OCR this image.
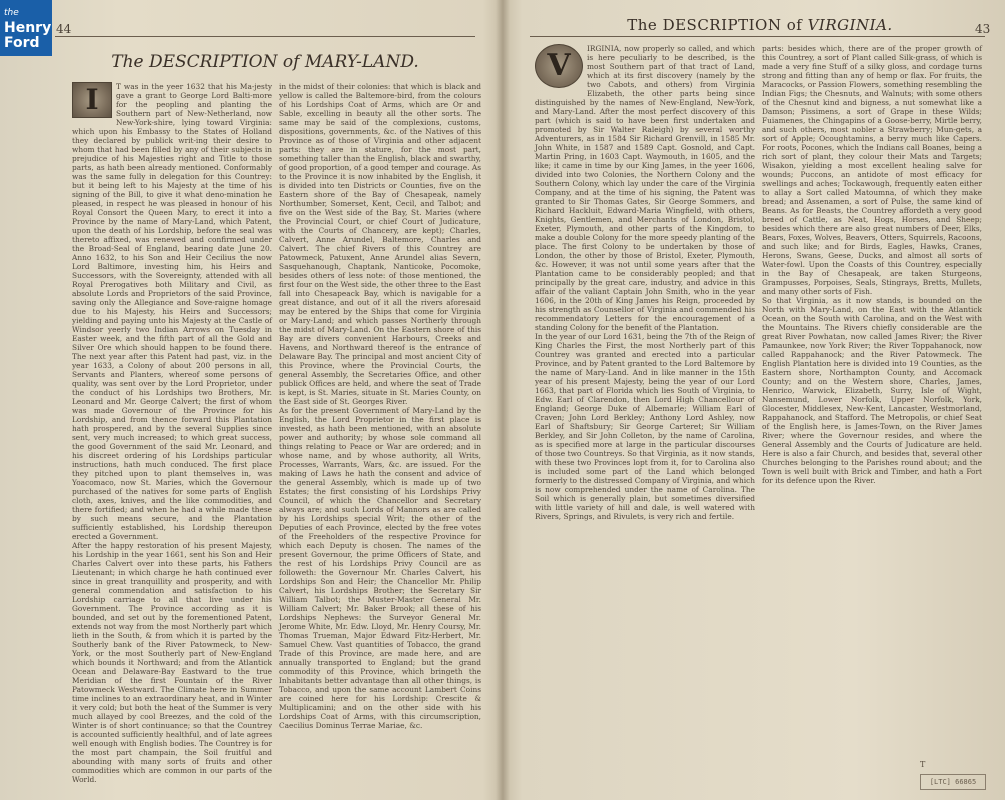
the
Henry
Ford
44
The DESCRIPTION of MARY-LAND.
I	T was in the yeer 1632 that his Ma-jesty gave a grant to George Lord Balti-more for the peopling and planting the Southern part of New-Netherland, now New-York-shire, lying toward Virginia: which upon his Embassy to the States of Holland they declared by publick writ-ing their desire to whom that had been filled by any of their subjects in prejudice of his Majesties right and Title to those parts, as hath been already mentioned. Conformably was the same fully in delegation for this Countrey: but it being left to his Majesty at the time of his signing of the Bill, to give it what deno-mination he pleased, in respect he was pleased in honour of his Royal Consort the Queen Mary, to erect it into a Province by the name of Mary-Land, which Patent, upon the death of his Lordship, before the seal was thereto affixed, was renewed and confirmed under the Broad-Seal of England, bearing date June 20. Anno 1632, to his Son and Heir Cecilius the now Lord Baltimore, investing him, his Heirs and Successors, with the Sovereignty, attended with all Royal Prerogatives both Military and Civil, as absolute Lords and Proprietors of the said Province, saving only the Allegiance and Sove-raigne homage due to his Majesty, his Heirs and Successors; yielding and paying unto his Majesty at the Castle of Windsor yeerly two Indian Arrows on Tuesday in Easter week, and the fifth part of all the Gold and Silver Ore which should happen to be found there. The next year after this Patent had past, viz. in the year 1633, a Colony of about 200 persons in all, Servants and Planters, whereof some persons of quality, was sent over by the Lord Proprietor, under the conduct of his Lordships two Brothers, Mr. Leonard and Mr. George Calvert; the first of whom was made Governour of the Province for his Lordship, and from thence forward this Plantation hath prospered, and by the several Supplies since sent, very much increased; to which great success, the good Government of the said Mr. Leonard, and his discreet ordering of his Lordships particular instructions, hath much conduced. The first place they pitched upon to plant themselves in, was Yoacomaco, now St. Maries, which the Governour purchased of the natives for some parts of English cloth, axes, knives, and the like commodities, and there fortified; and when he had a while made these by such means secure, and the Plantation sufficiently established, his Lordship thereupon erected a Government.
After the happy restoration of his present Majesty, his Lordship in the year 1661, sent his Son and Heir Charles Calvert over into these parts, his Fathers Lieutenant; in which charge he hath continued ever since in great tranquillity and prosperity, and with general commendation and satisfaction to his Lordship carriage to all that live under his Government. The Province according as it is bounded, and set out by the forementioned Patent, extends not way from the most Northerly part which lieth in the South, & from which it is parted by the Southerly bank of the River Patowmeck, to New-York, or the most Southerly part of New-England which bounds it Northward; and from the Atlantick Ocean and Delaware-Bay Eastward to the true Meridian of the first Fountain of the River Patowmeck Westward. The Climate here in Summer time inclines to an extraordinary heat, and in Winter it very cold; but both the heat of the Summer is very much allayed by cool Breezes, and the cold of the Winter is of short continuance; so that the Countrey is accounted sufficiently healthful, and of late agrees well enough with English bodies. The Countrey is for the most part champain, the Soil fruitful and abounding with many sorts of fruits and other commodities which are common in our parts of the World.
in the midst of their colonies: that which is black and yellow is called the Baltemore-bird, from the colours of his Lordships Coat of Arms, which are Or and Sable, excelling in beauty all the other sorts. The same may be said of the complexions, customs, dispositions, governments, &c. of the Natives of this Province as of those of Virginia and other adjacent parts: they are in stature, for the most part, something taller than the English, black and swarthy, of good proportion, of a good temper and courage. As to the Province it is now inhabited by the English, it is divided into ten Districts or Counties, five on the Eastern shore of the Bay of Chesapeak, namely Northumber, Somerset, Kent, Cecil, and Talbot; and five on the West side of the Bay, St. Maries (where the Provincial Court, or chief Court of Judicature, with the Courts of Chancery, are kept); Charles, Calvert, Anne Arundel, Baltemore, Charles and Calvert. The chief Rivers of this Countrey are Patowmeck, Patuxent, Anne Arundel alias Severn, Sasquehanough, Chaptank, Nanticoke, Pocomoke, besides others of less note: of those mentioned, the first four on the West side, the other three to the East fall into Chesapeack Bay, which is navigable for a great distance, and out of it all the rivers aforesaid may be entered by the Ships that come for Virginia or Mary-Land; and which passes Northerly through the midst of Mary-Land. On the Eastern shore of this Bay are divers convenient Harbours, Creeks and Havens, and Northward thereof is the entrance of Delaware Bay. The principal and most ancient City of this Province, where the Provincial Courts, the general Assembly, the Secretaries Office, and other publick Offices are held, and where the seat of Trade is kept, is St. Maries, situate in St. Maries County, on the East side of St. Georges River.
As for the present Government of Mary-Land by the English, the Lord Proprietor in the first place is invested, as hath been mentioned, with an absolute power and authority; by whose sole command all things relating to Peace or War are ordered; and in whose name, and by whose authority, all Writs, Processes, Warrants, Wars, &c. are issued. For the making of Laws he hath the consent and advice of the general Assembly, which is made up of two Estates; the first consisting of his Lordships Privy Council, of which the Chancellor and Secretary always are; and such Lords of Mannors as are called by his Lordships special Writ; the other of the Deputies of each Province, elected by the free votes of the Freeholders of the respective Province for which each Deputy is chosen. The names of the present Governour, the prime Officers of State, and the rest of his Lordships Privy Council are as followeth: the Governour Mr. Charles Calvert, his Lordships Son and Heir; the Chancellor Mr. Philip Calvert, his Lordships Brother; the Secretary Sir William Talbot; the Muster-Master General Mr. William Calvert; Mr. Baker Brook; all these of his Lordships Nephews: the Surveyor General Mr. Jerome White, Mr. Edw. Lloyd, Mr. Henry Coursy, Mr. Thomas Trueman, Major Edward Fitz-Herbert, Mr. Samuel Chew. Vast quantities of Tobacco, the grand Trade of this Province, are made here, and are annually transported to England; but the grand commodity of this Province, which bringeth the Inhabitants better advantage than all other things, is Tobacco, and upon the same account Lambert Coins are coined here for his Lordship: Crescite & Multiplicamini; and on the other side with his Lordships Coat of Arms, with this circumscription, Caecilius Dominus Terrae Mariae, &c.
The DESCRIPTION of VIRGINIA.	43
V	IRGINIA, now properly so called, and which is here peculiarly to be described, is the most Southern part of that tract of Land, which at its first discovery (namely by the two Cabots, and others) from Virginia Elizabeth, the other parts being since distinguished by the names of New-England, New-York, and Mary-Land. After the most perfect discovery of this part (which is said to have been first undertaken and promoted by Sir Walter Raleigh) by several worthy Adventurers, as in 1584 Sir Richard Grenvill, in 1585 Mr. John White, in 1587 and 1589 Capt. Gosnold, and Capt. Martin Pring, in 1603 Capt. Waymouth, in 1605, and the like; it came in time by our King James, in the yeer 1606, divided into two Colonies, the Northern Colony and the Southern Colony, which lay under the care of the Virginia Company, and at the time of his signing, the Patent was granted to Sir Thomas Gates, Sir George Sommers, and Richard Hackluit, Edward-Maria Wingfield, with others, Knights, Gentlemen, and Merchants of London, Bristol, Exeter, Plymouth, and other parts of the Kingdom, to make a double Colony for the more speedy planting of the place. The first Colony to be undertaken by those of London, the other by those of Bristol, Exeter, Plymouth, &c. However, it was not until some years after that the Plantation came to be considerably peopled; and that principally by the great care, industry, and advice in this affair of the valiant Captain John Smith, who in the year 1606, in the 20th of King James his Reign, proceeded by his strength as Counsellor of Virginia and commended his recommendatory Letters for the encouragement of a standing Colony for the benefit of the Plantation.
In the year of our Lord 1631, being the 7th of the Reign of King Charles the First, the most Northerly part of this Countrey was granted and erected into a particular Province, and by Patent granted to the Lord Baltemore by the name of Mary-Land. And in like manner in the 15th year of his present Majesty, being the year of our Lord 1663, that part of Florida which lies South of Virginia, to Edw. Earl of Clarendon, then Lord High Chancellour of England; George Duke of Albemarle; William Earl of Craven; John Lord Berkley; Anthony Lord Ashley, now Earl of Shaftsbury; Sir George Carteret; Sir William Berkley, and Sir John Colleton, by the name of Carolina, as is specified more at large in the particular discourses of those two Countreys. So that Virginia, as it now stands, with these two Provinces lopt from it, for to Carolina also is included some part of the Land which belonged formerly to the distressed Company of Virginia, and which is now comprehended under the name of Carolina. The Soil which is generally plain, but sometimes diversified with little variety of hill and dale, is well watered with Rivers, Springs, and Rivulets, is very rich and fertile.
parts: besides which, there are of the proper growth of this Countrey, a sort of Plant called Silk-grass, of which is made a very fine Stuff of a silky gloss, and cordage turns strong and fitting than any of hemp or flax. For fruits, the Maracocks, or Passion Flowers, something resembling the Indian Figs; the Chesnuts, and Walnuts; with some others of the Chesnut kind and bigness, a nut somewhat like a Damson; Pissimens, a sort of Grape in these Wilds; Fuiamenes, the Chingapins of a Goose-berry, Mirtle berry, and such others, most nobler a Strawberry; Mun-gets, a sort of Apple; Ocoughtamins, a berry much like Capers. For roots, Pocones, which the Indians call Boanes, being a rich sort of plant, they colour their Mats and Targets; Wisakon, yielding a most excellent healing salve for wounds; Puccons, an antidote of most efficacy for swellings and aches; Tockawough, frequently eaten either to allay a Sort called Matoumna, of which they make bread; and Assenamen, a sort of Pulse, the same kind of Beans. As for Beasts, the Countrey affordeth a very good breed of Cattle, as Neat, Hogs, Horses, and Sheep; besides which there are also great numbers of Deer, Elks, Bears, Foxes, Wolves, Beavers, Otters, Squirrels, Racoons, and such like; and for Birds, Eagles, Hawks, Cranes, Herons, Swans, Geese, Ducks, and almost all sorts of Water-fowl. Upon the Coasts of this Countrey, especially in the Bay of Chesapeak, are taken Sturgeons, Grampusses, Porpoises, Seals, Stingrays, Bretts, Mullets, and many other sorts of Fish.
So that Virginia, as it now stands, is bounded on the North with Mary-Land, on the East with the Atlantick Ocean, on the South with Carolina, and on the West with the Mountains. The Rivers chiefly considerable are the great River Powhatan, now called James River; the River Pamaunkee, now York River; the River Toppahanock, now called Rappahanock; and the River Patowmeck. The English Plantation here is divided into 19 Counties, as the Eastern shore, Northampton County, and Accomack County; and on the Western shore, Charles, James, Henrico, Warwick, Elizabeth, Surry, Isle of Wight, Nansemund, Lower Norfolk, Upper Norfolk, York, Glocester, Middlesex, New-Kent, Lancaster, Westmorland, Rappahanock, and Stafford. The Metropolis, or chief Seat of the English here, is James-Town, on the River James River; where the Governour resides, and where the General Assembly and the Courts of Judicature are held. Here is also a fair Church, and besides that, several other Churches belonging to the Parishes round about; and the Town is well built with Brick and Timber, and hath a Fort for its defence upon the River.
T
[LTC] 66865
